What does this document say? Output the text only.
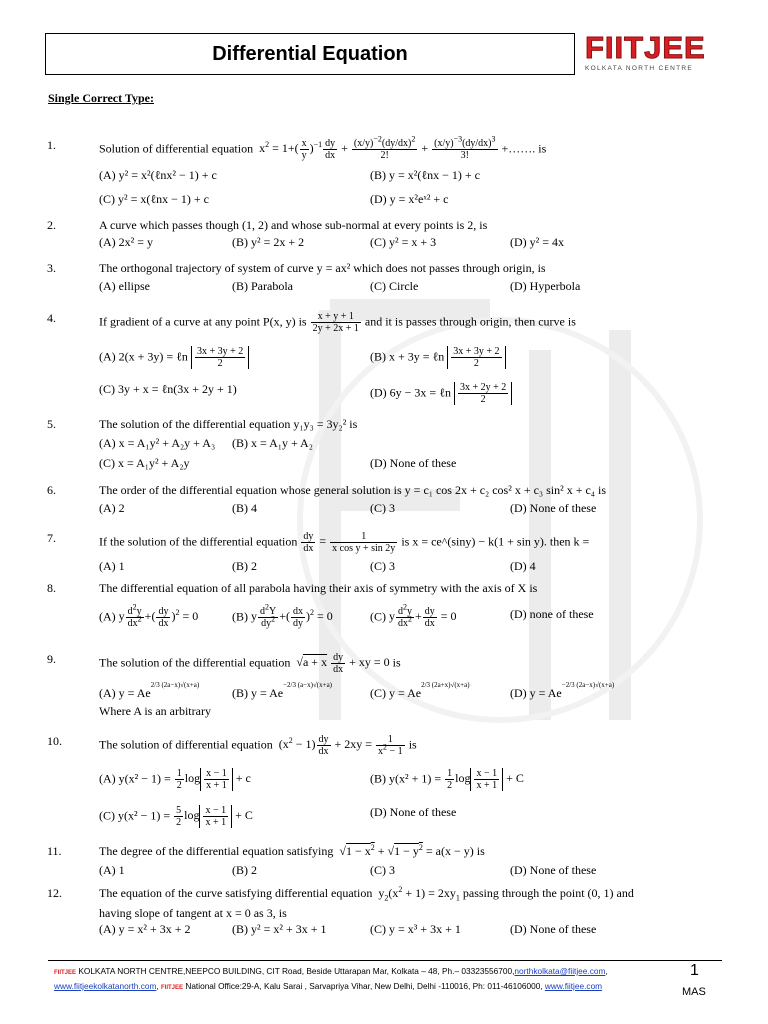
Differential Equation	FIITJEE
KOLKATA NORTH CENTRE
Single Correct Type:
1.	Solution of differential equation  $x^2 = 1+( \frac{x}{y} )^{-1} \frac{dy}{dx} + \frac{(x/y)^{-2}(dy/dx)^2}{2!} + \frac{(x/y)^{-3}(dy/dx)^3}{3!}$ +……. is
(A) y² = x²(ℓnx² − 1) + c	(B) y = x²(ℓnx − 1) + c
(C) y² = x(ℓnx − 1) + c	(D) y = x²eˣ² + c
2.	A curve which passes though (1, 2) and whose sub-normal at every points is 2, is
(A) 2x² = y	(B) y² = 2x + 2	(C) y² = x + 3	(D) y² = 4x
3.	The orthogonal trajectory of system of curve y = ax² which does not passes through origin, is
(A) ellipse	(B) Parabola	(C) Circle	(D) Hyperbola
4.	If gradient of a curve at any point P(x, y) is $\frac{x + y + 1}{2y + 2x + 1}$ and it is passes through origin, then curve is
(A) 2(x + 3y) = ℓn $\frac{3x + 3y + 2}{2}$	(B) x + 3y = ℓn $\frac{3x + 3y + 2}{2}$
(C) 3y + x = ℓn(3x + 2y + 1)	(D) 6y − 3x = ℓn $\frac{3x + 2y + 2}{2}$
5.	The solution of the differential equation y₁y₃ = 3y₂² is
(A) x = A₁y² + A₂y + A₃ (B) x = A₁y + A₂
(C) x = A₁y² + A₂y	(D) None of these
6.	The order of the differential equation whose general solution is y = c₁ cos 2x + c₂ cos² x + c₃ sin² x + c₄ is
(A) 2	(B) 4	(C) 3	(D) None of these
7.	If the solution of the differential equation $\frac{dy}{dx} = \frac{1}{\text{x cos y + sin 2y}}$ is x = ce^(siny) − k(1 + sin y). then k =
(A) 1	(B) 2	(C) 3	(D) 4
8.	The differential equation of all parabola having their axis of symmetry with the axis of X is
(A) y $\frac{d^2y}{dx^2}$ +( $\frac{dy}{dx} )^2 = 0$	(B) y $\frac{d^2Y}{dy^2}$ +( $\frac{dx}{dy} )^2 = 0$	(C) y $\frac{d^2y}{dx^2} + \frac{dy}{dx} = 0$	(D) none of these
9.	The solution of the differential equation  √a + x $\frac{dy}{dx}$ + xy = 0 is
(A) $y = Ae^{2/3 (2a-x)√(x+a)}$
(B) $y = Ae^{-2/3 (a-x)√(x+a)}$
(C) $y = Ae^{2/3 (2a+x)√(x+a)}$
(D) $y = Ae^{-2/3 (2a-x)√(x+a)}$
Where A is an arbitrary
10.	The solution of differential equation  $(x^2 - 1) \frac{dy}{dx} + 2xy = \frac{1}{x^2 - 1}$ is
(A) $y(x^2 - 1) = \frac{1}{2}$ $\log \frac{x - 1}{x + 1} + c$	(B) $y(x^2 + 1) = \frac{1}{2}$ $\log \frac{x - 1}{x + 1} + C$
(C) $y(x^2 - 1) = \frac{5}{2}$ $\log \frac{x - 1}{x + 1} + C$	(D) None of these
11.	The degree of the differential equation satisfying  $√1 - x^2 + √1 - y^2 = a(x - y)$ is
(A) 1	(B) 2	(C) 3	(D) None of these
12.	The equation of the curve satisfying differential equation  $y_2(x^2 + 1) = 2xy_1$ passing through the point (0, 1) and
having slope of tangent at x = 0 as 3, is
(A) y = x² + 3x + 2	(B) y² = x² + 3x + 1	(C) y = x³ + 3x + 1	(D) None of these
FIITJEE KOLKATA NORTH CENTRE,NEEPCO BUILDING, CIT Road, Beside Uttarapan Mar, Kolkata – 48, Ph.– 03323556700,northkolkata@fiitjee.com,
www.fiitjeekolkatanorth.com, FIITJEE National Office:29-A, Kalu Sarai , Sarvapriya Vihar, New Delhi, Delhi -110016, Ph: 011-46106000, www.fiitjee.com
1
MAS
